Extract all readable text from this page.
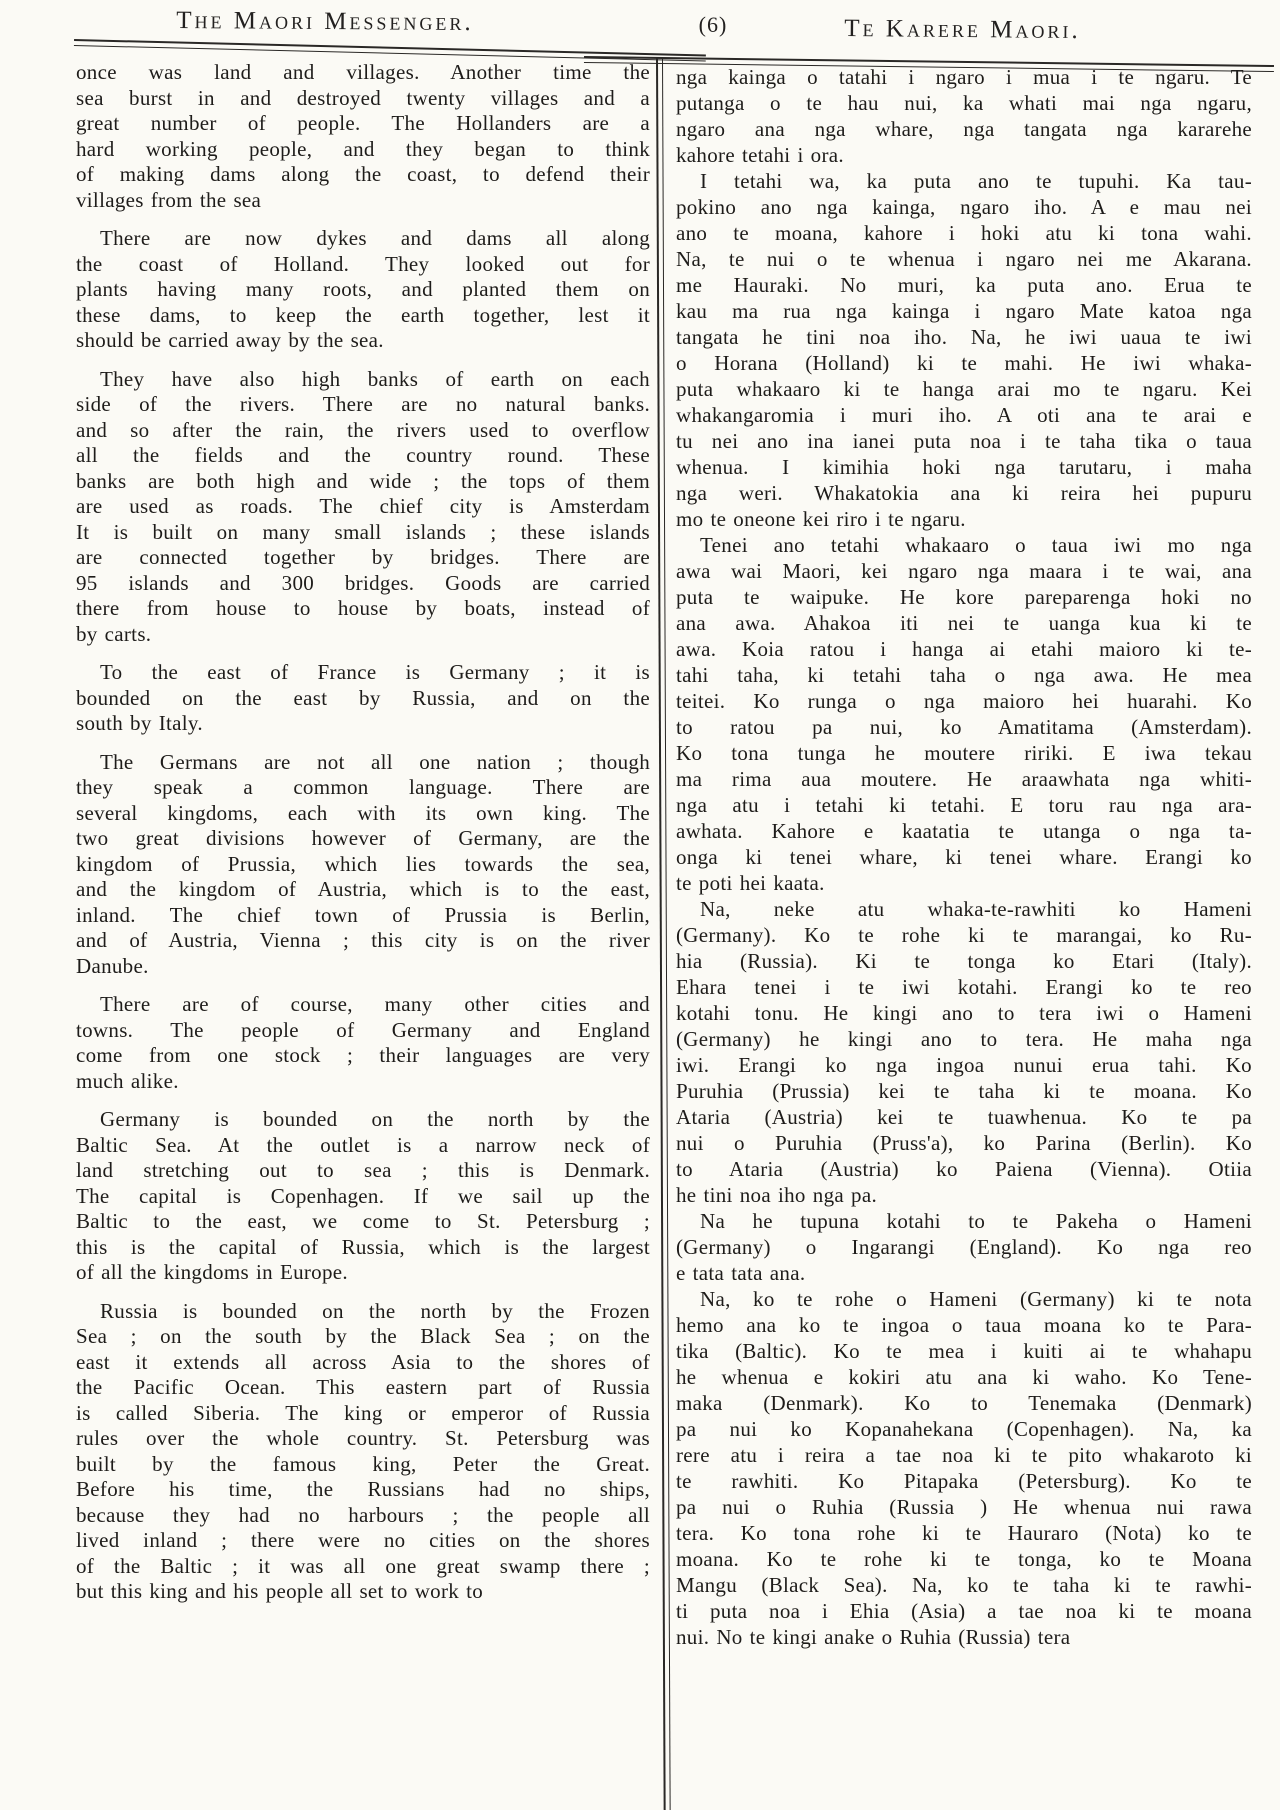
The Maori Messenger.	(6)	Te Karere Maori.
once was land and villages. Another time the
sea burst in and destroyed twenty villages and a
great number of people. The Hollanders are a
hard working people, and they began to think
of making dams along the coast, to defend their
villages from the sea
There are now dykes and dams all along
the coast of Holland. They looked out for
plants having many roots, and planted them on
these dams, to keep the earth together, lest it
should be carried away by the sea.
They have also high banks of earth on each
side of the rivers. There are no natural banks.
and so after the rain, the rivers used to overflow
all the fields and the country round. These
banks are both high and wide ; the tops of them
are used as roads. The chief city is Amsterdam
It is built on many small islands ; these islands
are connected together by bridges. There are
95 islands and 300 bridges. Goods are carried
there from house to house by boats, instead of
by carts.
To the east of France is Germany ; it is
bounded on the east by Russia, and on the
south by Italy.
The Germans are not all one nation ; though
they speak a common language. There are
several kingdoms, each with its own king. The
two great divisions however of Germany, are the
kingdom of Prussia, which lies towards the sea,
and the kingdom of Austria, which is to the east,
inland. The chief town of Prussia is Berlin,
and of Austria, Vienna ; this city is on the river
Danube.
There are of course, many other cities and
towns. The people of Germany and England
come from one stock ; their languages are very
much alike.
Germany is bounded on the north by the
Baltic Sea. At the outlet is a narrow neck of
land stretching out to sea ; this is Denmark.
The capital is Copenhagen. If we sail up the
Baltic to the east, we come to St. Petersburg ;
this is the capital of Russia, which is the largest
of all the kingdoms in Europe.
Russia is bounded on the north by the Frozen
Sea ; on the south by the Black Sea ; on the
east it extends all across Asia to the shores of
the Pacific Ocean. This eastern part of Russia
is called Siberia. The king or emperor of Russia
rules over the whole country. St. Petersburg was
built by the famous king, Peter the Great.
Before his time, the Russians had no ships,
because they had no harbours ; the people all
lived inland ; there were no cities on the shores
of the Baltic ; it was all one great swamp there ;
but this king and his people all set to work to
nga kainga o tatahi i ngaro i mua i te ngaru. Te
putanga o te hau nui, ka whati mai nga ngaru,
ngaro ana nga whare, nga tangata nga kararehe
kahore tetahi i ora.
I tetahi wa, ka puta ano te tupuhi. Ka tau-
pokino ano nga kainga, ngaro iho. A e mau nei
ano te moana, kahore i hoki atu ki tona wahi.
Na, te nui o te whenua i ngaro nei me Akarana.
me Hauraki. No muri, ka puta ano. Erua te
kau ma rua nga kainga i ngaro Mate katoa nga
tangata he tini noa iho. Na, he iwi uaua te iwi
o Horana (Holland) ki te mahi. He iwi whaka-
puta whakaaro ki te hanga arai mo te ngaru. Kei
whakangaromia i muri iho. A oti ana te arai e
tu nei ano ina ianei puta noa i te taha tika o taua
whenua. I kimihia hoki nga tarutaru, i maha
nga weri. Whakatokia ana ki reira hei pupuru
mo te oneone kei riro i te ngaru.
Tenei ano tetahi whakaaro o taua iwi mo nga
awa wai Maori, kei ngaro nga maara i te wai, ana
puta te waipuke. He kore pareparenga hoki no
ana awa. Ahakoa iti nei te uanga kua ki te
awa. Koia ratou i hanga ai etahi maioro ki te-
tahi taha, ki tetahi taha o nga awa. He mea
teitei. Ko runga o nga maioro hei huarahi. Ko
to ratou pa nui, ko Amatitama (Amsterdam).
Ko tona tunga he moutere ririki. E iwa tekau
ma rima aua moutere. He araawhata nga whiti-
nga atu i tetahi ki tetahi. E toru rau nga ara-
awhata. Kahore e kaatatia te utanga o nga ta-
onga ki tenei whare, ki tenei whare. Erangi ko
te poti hei kaata.
Na, neke atu whaka-te-rawhiti ko Hameni
(Germany). Ko te rohe ki te marangai, ko Ru-
hia (Russia). Ki te tonga ko Etari (Italy).
Ehara tenei i te iwi kotahi. Erangi ko te reo
kotahi tonu. He kingi ano to tera iwi o Hameni
(Germany) he kingi ano to tera. He maha nga
iwi. Erangi ko nga ingoa nunui erua tahi. Ko
Puruhia (Prussia) kei te taha ki te moana. Ko
Ataria (Austria) kei te tuawhenua. Ko te pa
nui o Puruhia (Pruss'a), ko Parina (Berlin). Ko
to Ataria (Austria) ko Paiena (Vienna). Otiia
he tini noa iho nga pa.
Na he tupuna kotahi to te Pakeha o Hameni
(Germany) o Ingarangi (England). Ko nga reo
e tata tata ana.
Na, ko te rohe o Hameni (Germany) ki te nota
hemo ana ko te ingoa o taua moana ko te Para-
tika (Baltic). Ko te mea i kuiti ai te whahapu
he whenua e kokiri atu ana ki waho. Ko Tene-
maka (Denmark). Ko to Tenemaka (Denmark)
pa nui ko Kopanahekana (Copenhagen). Na, ka
rere atu i reira a tae noa ki te pito whakaroto ki
te rawhiti. Ko Pitapaka (Petersburg). Ko te
pa nui o Ruhia (Russia ) He whenua nui rawa
tera. Ko tona rohe ki te Hauraro (Nota) ko te
moana. Ko te rohe ki te tonga, ko te Moana
Mangu (Black Sea). Na, ko te taha ki te rawhi-
ti puta noa i Ehia (Asia) a tae noa ki te moana
nui. No te kingi anake o Ruhia (Russia) tera
